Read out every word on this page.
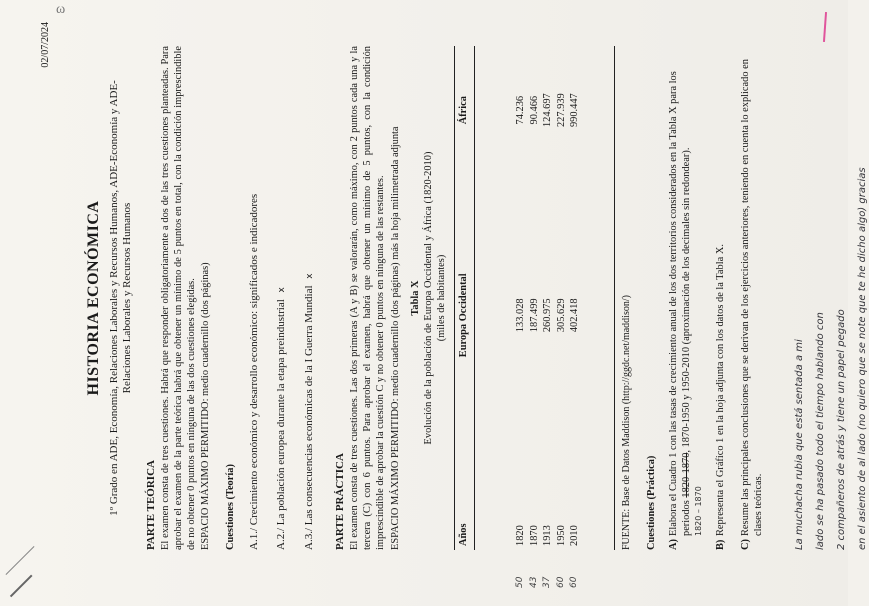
ω
02/07/2024
HISTORIA ECONÓMICA 1º Grado en ADE, Economía, Relaciones Laborales y Recursos Humanos, ADE-Economía y ADE-Relaciones Laborales y Recursos Humanos
PARTE TEÓRICA El examen consta de tres cuestiones. Habrá que responder obligatoriamente a dos de las tres cuestiones planteadas. Para aprobar el examen de la parte teórica habrá que obtener un mínimo de 5 puntos en total, con la condición imprescindible de no obtener 0 puntos en ninguna de las dos cuestiones elegidas. ESPACIO MÁXIMO PERMITIDO: medio cuadernillo (dos páginas) Cuestiones (Teoría) A.1./ Crecimiento económico y desarrollo económico: significados e indicadores A.2./ La población europea durante la etapa preindustrial x A.3./ Las consecuencias económicas de la I Guerra Mundial x
PARTE PRÁCTICA El examen consta de tres cuestiones. Las dos primeras (A y B) se valorarán, como máximo, con 2 puntos cada una y la tercera (C) con 6 puntos. Para aprobar el examen, habrá que obtener un mínimo de 5 puntos, con la condición imprescindible de aprobar la cuestión C y no obtener 0 puntos en ninguna de las restantes. ESPACIO MÁXIMO PERMITIDO: medio cuadernillo (dos páginas) más la hoja milimetrada adjunta Tabla X Evolución de la población de Europa Occidental y África (1820-2010) (miles de habitantes)
Años	Europa Occidental	África

50
1820	133.028	74.236

43
1870	187.499	90.466

37
1913	260.975	124.697

60
1950	305.629	227.939

60
2010	402.418	990.447
FUENTE: Base de Datos Maddison (http://ggdc.net/maddison/) Cuestiones (Práctica) A)
Elabora el Cuadro 1 con las tasas de crecimiento anual de los dos territorios considerados en la Tabla X para los periodos 1820-1870, 1870-1950 y 1950-2010 (aproximación de los decimales sin redondear).
1820 – 1870
B)
Representa el Gráfico 1 en la hoja adjunta con los datos de la Tabla X.
C)
Resume las principales conclusiones que se derivan de los ejercicios anteriores, teniendo en cuenta lo explicado en clases teóricas.	La muchacha rubia que está sentada a mi lado se ha pasado todo el tiempo hablando con 2 compañeros de atrás y tiene un papel pegado en el asiento de al lado (no quiero que se note que te he dicho algo) gracias
